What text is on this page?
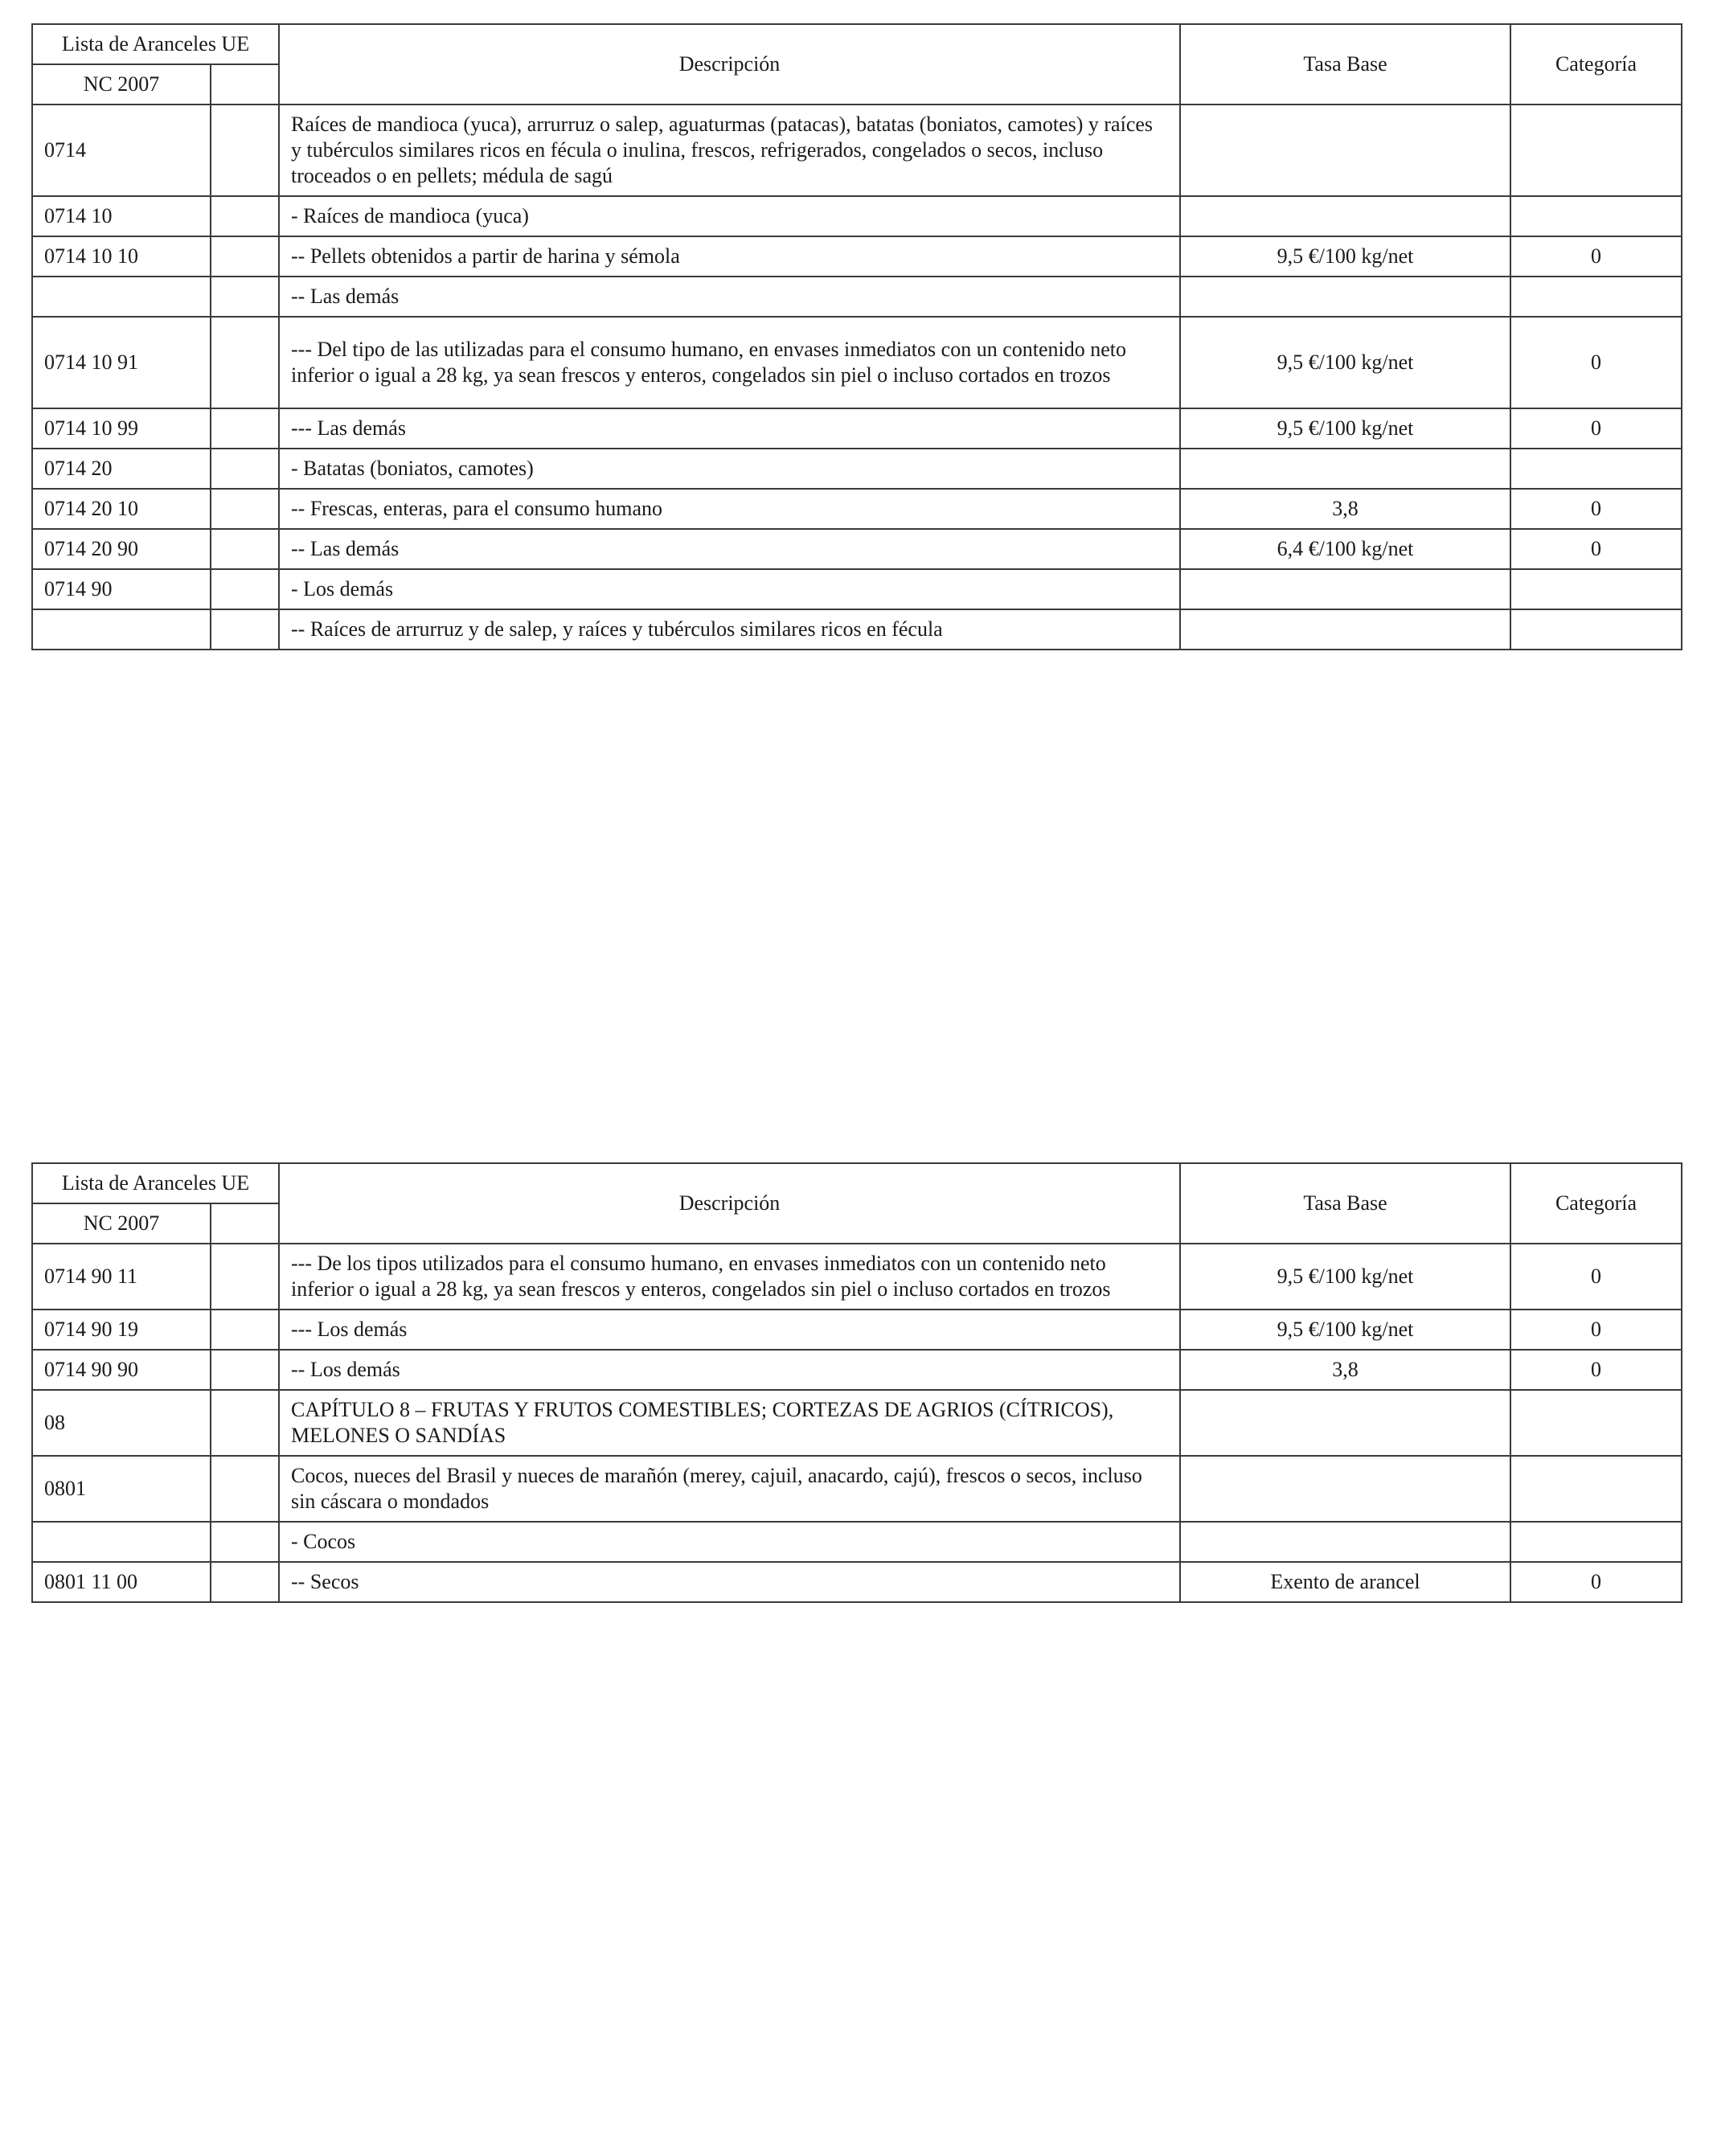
Lista de Aranceles UE		Descripción	Tasa Base	Categoría
NC 2007				
0714		Raíces de mandioca (yuca), arrurruz o salep, aguaturmas (patacas), batatas (boniatos, camotes) y raíces y tubérculos similares ricos en fécula o inulina, frescos, refrigerados, congelados o secos, incluso troceados o en pellets; médula de sagú		
0714 10		- Raíces de mandioca (yuca)		
0714 10 10		-- Pellets obtenidos a partir de harina y sémola	9,5 €/100 kg/net	0
		-- Las demás		
0714 10 91		--- Del tipo de las utilizadas para el consumo humano, en envases inmediatos con un contenido neto inferior o igual a 28 kg, ya sean frescos y enteros, congelados sin piel o incluso cortados en trozos	9,5 €/100 kg/net	0
0714 10 99		--- Las demás	9,5 €/100 kg/net	0
0714 20		- Batatas (boniatos, camotes)		
0714 20 10		-- Frescas, enteras, para el consumo humano	3,8	0
0714 20 90		-- Las demás	6,4 €/100 kg/net	0
0714 90		- Los demás		
		-- Raíces de arrurruz y de salep, y raíces y tubérculos similares ricos en fécula		
Lista de Aranceles UE		Descripción	Tasa Base	Categoría
NC 2007				
0714 90 11		--- De los tipos utilizados para el consumo humano, en envases inmediatos con un contenido neto inferior o igual a 28 kg, ya sean frescos y enteros, congelados sin piel o incluso cortados en trozos	9,5 €/100 kg/net	0
0714 90 19		--- Los demás	9,5 €/100 kg/net	0
0714 90 90		-- Los demás	3,8	0
08		CAPÍTULO 8 – FRUTAS Y FRUTOS COMESTIBLES; CORTEZAS DE AGRIOS (CÍTRICOS), MELONES O SANDÍAS		
0801		Cocos, nueces del Brasil y nueces de marañón (merey, cajuil, anacardo, cajú), frescos o secos, incluso sin cáscara o mondados		
		- Cocos		
0801 11 00		-- Secos	Exento de arancel	0
